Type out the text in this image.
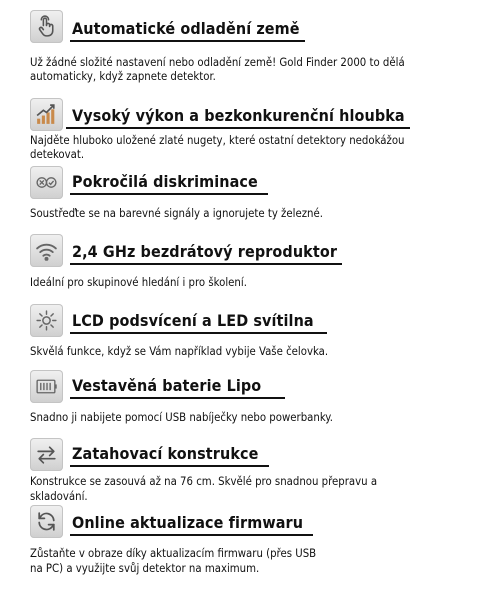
Automatické odladění země
Už žádné složité nastavení nebo odladění země! Gold Finder 2000 to dělá
automaticky, když zapnete detektor.
Vysoký výkon a bezkonkurenční hloubka
Najděte hluboko uložené zlaté nugety, které ostatní detektory nedokážou
detekovat.
Pokročilá diskriminace
Soustřeďte se na barevné signály a ignorujete ty železné.
2,4 GHz bezdrátový reproduktor
Ideální pro skupinové hledání i pro školení.
LCD podsvícení a LED svítilna
Skvělá funkce, když se Vám například vybije Vaše čelovka.
Vestavěná baterie Lipo
Snadno ji nabijete pomocí USB nabíječky nebo powerbanky.
Zatahovací konstrukce
Konstrukce se zasouvá až na 76 cm. Skvělé pro snadnou přepravu a
skladování.
Online aktualizace firmwaru
Zůstaňte v obraze díky aktualizacím firmwaru (přes USB
na PC) a využijte svůj detektor na maximum.
